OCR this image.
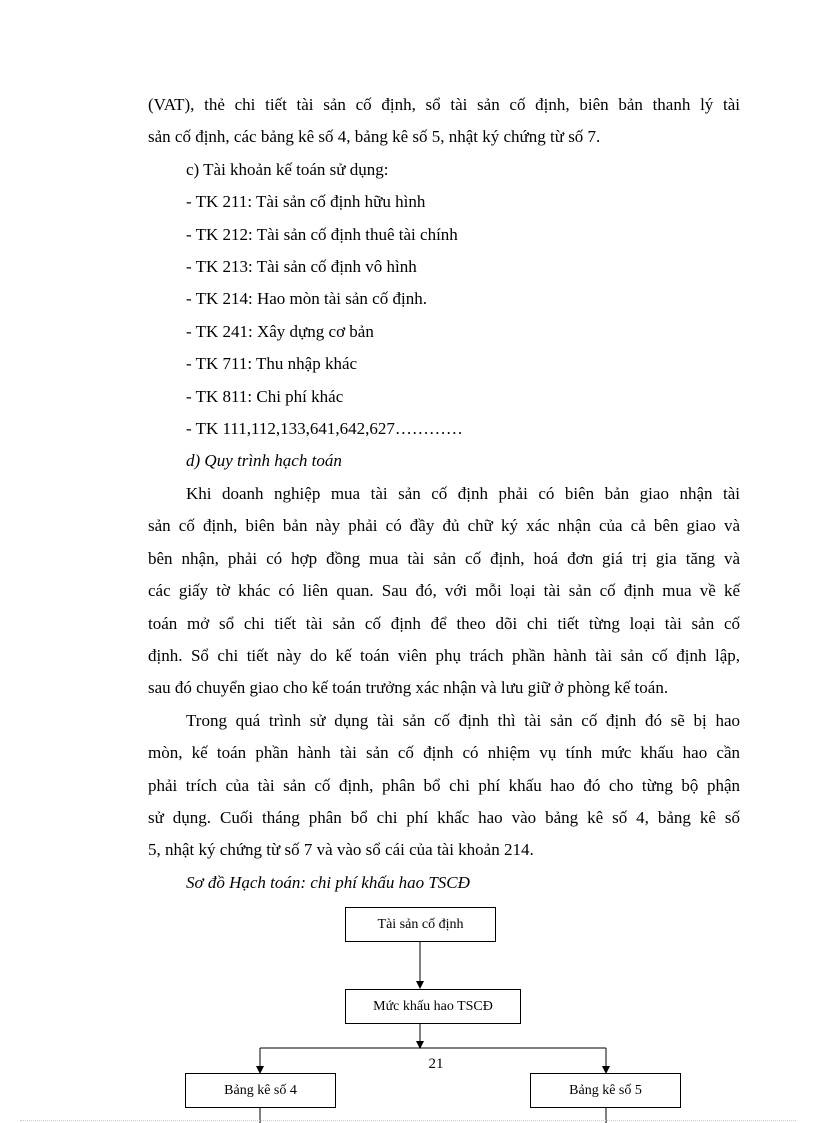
(VAT), thẻ chi tiết tài sản cố định, sổ tài sản cố định, biên bản thanh lý tài

sản cố định, các bảng kê số 4, bảng kê số 5, nhật ký chứng từ số 7.

c) Tài khoản kế toán sử dụng:

- TK 211: Tài sản cố định hữu hình

- TK 212: Tài sản cố định thuê tài chính

- TK 213: Tài sản cố định vô hình

- TK 214: Hao mòn tài sản cố định.

- TK 241: Xây dựng cơ bản

- TK 711: Thu nhập khác

- TK 811: Chi phí khác

- TK 111,112,133,641,642,627…………

d) Quy trình hạch toán

Khi doanh nghiệp mua tài sản cố định phải có biên bản giao nhận tài

sản cố định, biên bản này phải có đầy đủ chữ ký xác nhận của cả bên giao và

bên nhận, phải có hợp đồng mua tài sản cố định, hoá đơn giá trị gia tăng và

các giấy tờ khác có liên quan. Sau đó, với mỗi loại tài sản cố định mua về kế

toán mở sổ chi tiết tài sản cố định để theo dõi chi tiết từng loại tài sản cố

định. Sổ chi tiết này do kế toán viên phụ trách phần hành tài sản cố định lập,

sau đó chuyển giao cho kế toán trưởng xác nhận và lưu giữ ở phòng kế toán.

Trong quá trình sử dụng tài sản cố định thì tài sản cố định đó sẽ bị hao

mòn, kế toán phần hành tài sản cố định có nhiệm vụ tính mức khấu hao cần

phải trích của tài sản cố định, phân bổ chi phí khấu hao đó cho từng bộ phận

sử dụng. Cuối tháng phân bổ chi phí khấc hao vào bảng kê số 4, bảng kê số

5, nhật ký chứng từ số 7 và vào sổ cái của tài khoản 214.

Sơ đồ Hạch toán: chi phí khấu hao TSCĐ

Tài sản cố định
Mức khấu hao TSCĐ
Bảng kê số 4	Bảng kê số 5
21
